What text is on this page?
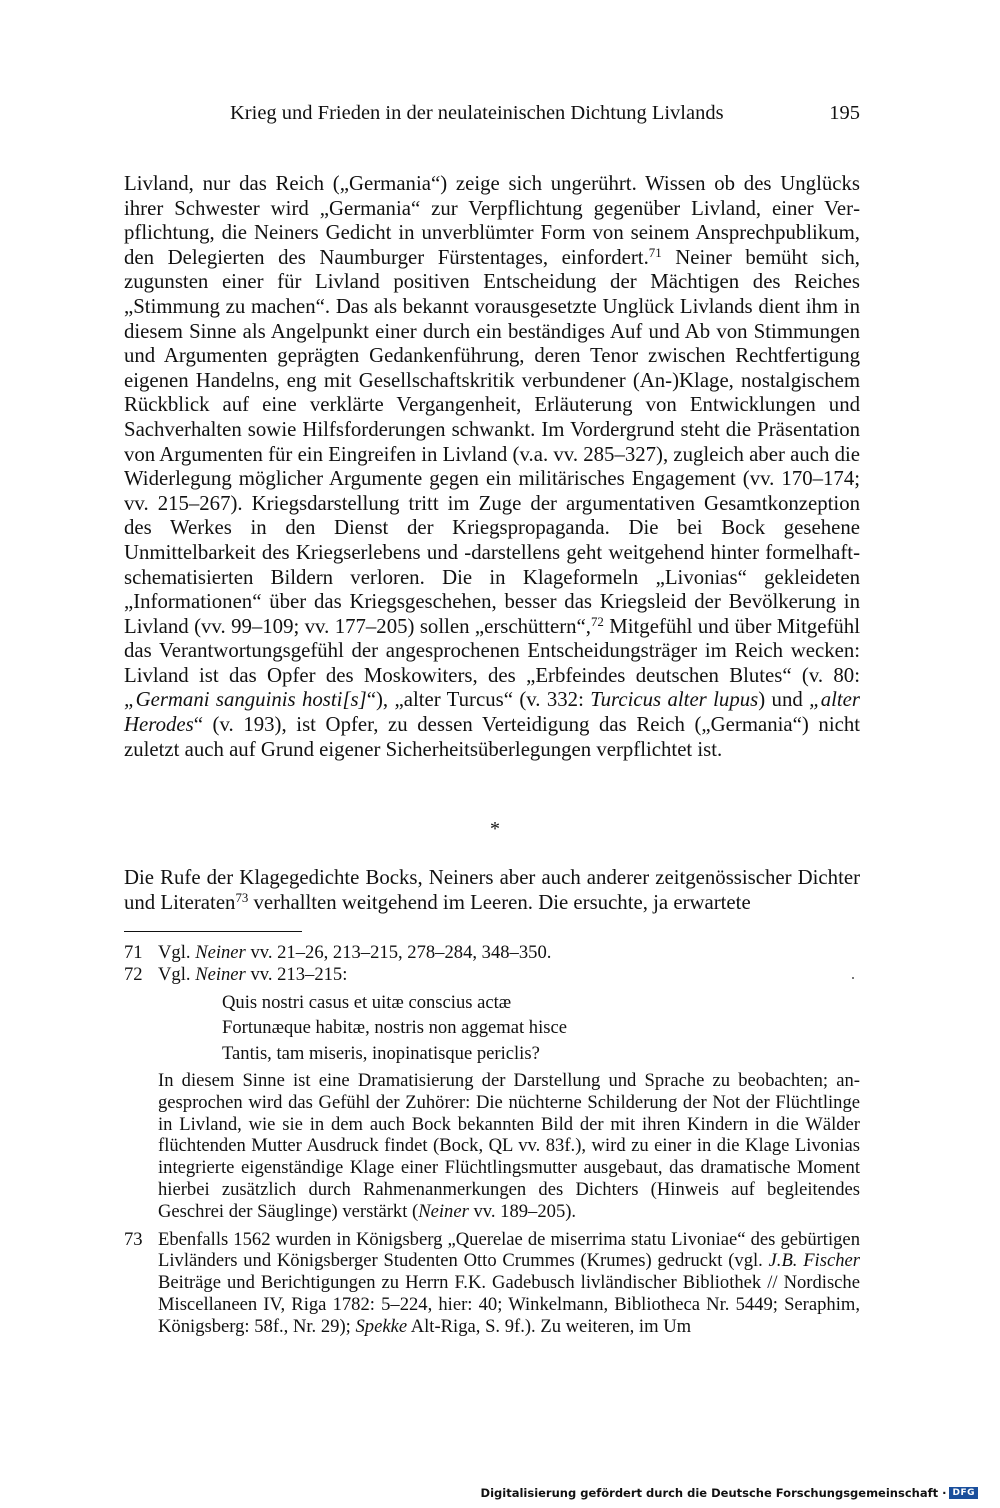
Krieg und Frieden in der neulateinischen Dichtung Livlands	195

Livland, nur das Reich („Germania“) zeige sich ungerührt. Wissen ob des Unglücks ihrer Schwester wird „Germania“ zur Verpflichtung gegenüber Livland, einer Verpflichtung, die Neiners Gedicht in unverblümter Form von seinem Ansprechpublikum, den Delegierten des Naumburger Fürstentages, einfordert.$^{71}$ Neiner bemüht sich, zugunsten einer für Livland positiven Entscheidung der Mächtigen des Reiches „Stimmung zu machen“. Das als bekannt vorausgesetzte Unglück Livlands dient ihm in diesem Sinne als Angelpunkt einer durch ein beständiges Auf und Ab von Stimmungen und Argumenten geprägten Gedankenführung, deren Tenor zwischen Rechtfertigung eigenen Handelns, eng mit Gesellschaftskritik verbundener (An-)Klage, nostalgischem Rückblick auf eine verklärte Vergangenheit, Erläuterung von Entwicklungen und Sachverhalten sowie Hilfsforderungen schwankt. Im Vordergrund steht die Präsentation von Argumenten für ein Eingreifen in Livland (v.a. vv. 285–327), zugleich aber auch die Widerlegung möglicher Argumente gegen ein militärisches Engagement (vv. 170–174; vv. 215–267). Kriegsdarstellung tritt im Zuge der argumentativen Gesamtkonzeption des Werkes in den Dienst der Kriegspropaganda. Die bei Bock gesehene Unmittelbarkeit des Kriegserlebens und -darstellens geht weitgehend hinter formelhaft-schematisierten Bildern verloren. Die in Klageformeln „Livonias“ gekleideten „Informationen“ über das Kriegsgeschehen, besser das Kriegsleid der Bevölkerung in Livland (vv. 99–109; vv. 177–205) sollen „erschüttern“,$^{72}$ Mitgefühl und über Mitgefühl das Verantwortungsgefühl der angesprochenen Entscheidungsträger im Reich wecken: Livland ist das Opfer des Moskowiters, des „Erbfeindes deutschen Blutes“ (v. 80: „Germani sanguinis hosti[s]“), „alter Turcus“ (v. 332: Turcicus alter lupus) und „alter Herodes“ (v. 193), ist Opfer, zu dessen Verteidigung das Reich („Germania“) nicht zuletzt auch auf Grund eigener Sicherheitsüberlegungen verpflichtet ist.

*
Die Rufe der Klagegedichte Bocks, Neiners aber auch anderer zeitgenössischer Dichter und Literaten$^{73}$ verhallten weitgehend im Leeren. Die ersuchte, ja erwartete
71 Vgl. Neiner vv. 21–26, 213–215, 278–284, 348–350.
72 Vgl. Neiner vv. 213–215:
Quis nostri casus et uitæ conscius actæ
Fortunæque habitæ, nostris non aggemat hisce
Tantis, tam miseris, inopinatisque periclis?
In diesem Sinne ist eine Dramatisierung der Darstellung und Sprache zu beobachten; angesprochen wird das Gefühl der Zuhörer: Die nüchterne Schilderung der Not der Flüchtlinge in Livland, wie sie in dem auch Bock bekannten Bild der mit ihren Kindern in die Wälder flüchtenden Mutter Ausdruck findet (Bock, QL vv. 83f.), wird zu einer in die Klage Livonias integrierte eigenständige Klage einer Flüchtlingsmutter ausgebaut, das dramatische Moment hierbei zusätzlich durch Rahmenanmerkungen des Dichters (Hinweis auf begleitendes Geschrei der Säuglinge) verstärkt (Neiner vv. 189–205).
73 Ebenfalls 1562 wurden in Königsberg „Querelae de miserrima statu Livoniae“ des gebürtigen Livländers und Königsberger Studenten Otto Crummes (Krumes) gedruckt (vgl. J.B. Fischer Beiträge und Berichtigungen zu Herrn F.K. Gadebusch livländischer Bibliothek // Nordische Miscellaneen IV, Riga 1782: 5–224, hier: 40; Winkelmann, Bibliotheca Nr. 5449; Seraphim, Königsberg: 58f., Nr. 29); Spekke Alt-Riga, S. 9f.). Zu weiteren, im Um
Digitalisierung gefördert durch die Deutsche Forschungsgemeinschaft · DFG
